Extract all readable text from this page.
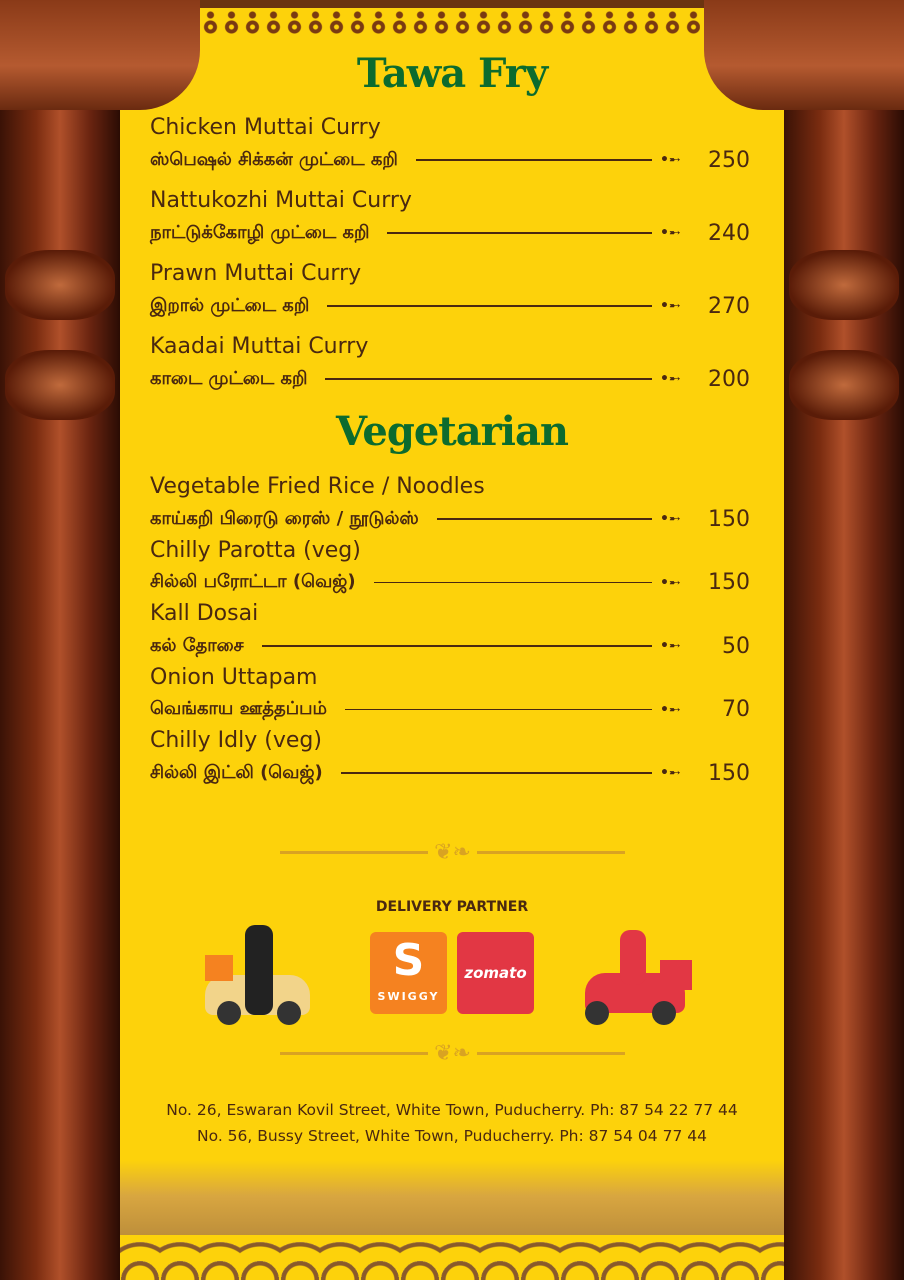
Tawa Fry
Vegetarian
Chicken Muttai Curry
ஸ்பெஷல் சிக்கன் முட்டை கறி	•➸	250
Nattukozhi Muttai Curry
நாட்டுக்கோழி முட்டை கறி	•➸	240
Prawn Muttai Curry
இறால் முட்டை கறி	•➸	270
Kaadai Muttai Curry
காடை முட்டை கறி	•➸	200
Vegetable Fried Rice / Noodles
காய்கறி பிரைடு ரைஸ் / நூடுல்ஸ்	•➸	150
Chilly Parotta (veg)
சில்லி பரோட்டா (வெஜ்)	•➸	150
Kall Dosai
கல் தோசை	•➸	50
Onion Uttapam
வெங்காய ஊத்தப்பம்	•➸	70
Chilly Idly (veg)
சில்லி இட்லி (வெஜ்)	•➸	150
❦❧
DELIVERY PARTNER
S
SWIGGY
zomato
❦❧
No. 26, Eswaran Kovil Street, White Town, Puducherry. Ph: 87 54 22 77 44
No. 56, Bussy Street, White Town, Puducherry. Ph: 87 54 04 77 44
